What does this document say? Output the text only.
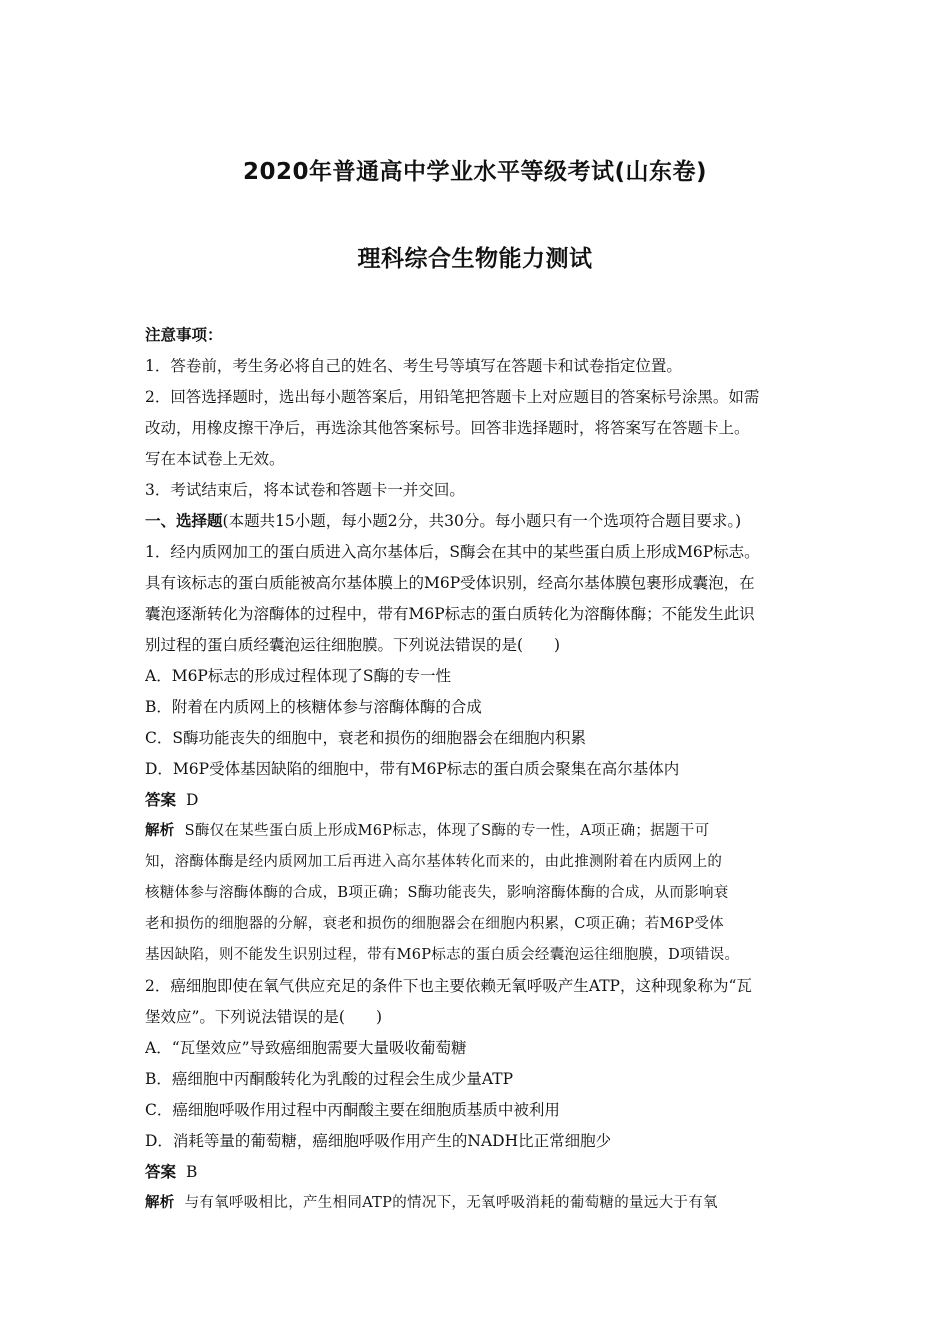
2020年普通高中学业水平等级考试(山东卷)
理科综合生物能力测试
注意事项：
1．答卷前，考生务必将自己的姓名、考生号等填写在答题卡和试卷指定位置。
2．回答选择题时，选出每小题答案后，用铅笔把答题卡上对应题目的答案标号涂黑。如需
改动，用橡皮擦干净后，再选涂其他答案标号。回答非选择题时，将答案写在答题卡上。
写在本试卷上无效。
3．考试结束后，将本试卷和答题卡一并交回。
一、选择题(本题共15小题，每小题2分，共30分。每小题只有一个选项符合题目要求。)
1．经内质网加工的蛋白质进入高尔基体后，S酶会在其中的某些蛋白质上形成M6P标志。
具有该标志的蛋白质能被高尔基体膜上的M6P受体识别，经高尔基体膜包裹形成囊泡，在
囊泡逐渐转化为溶酶体的过程中，带有M6P标志的蛋白质转化为溶酶体酶；不能发生此识
别过程的蛋白质经囊泡运往细胞膜。下列说法错误的是(　　)
A．M6P标志的形成过程体现了S酶的专一性
B．附着在内质网上的核糖体参与溶酶体酶的合成
C．S酶功能丧失的细胞中，衰老和损伤的细胞器会在细胞内积累
D．M6P受体基因缺陷的细胞中，带有M6P标志的蛋白质会聚集在高尔基体内
答案 D
解析 S酶仅在某些蛋白质上形成M6P标志，体现了S酶的专一性，A项正确；据题干可
知，溶酶体酶是经内质网加工后再进入高尔基体转化而来的，由此推测附着在内质网上的
核糖体参与溶酶体酶的合成，B项正确；S酶功能丧失，影响溶酶体酶的合成，从而影响衰
老和损伤的细胞器的分解，衰老和损伤的细胞器会在细胞内积累，C项正确；若M6P受体
基因缺陷，则不能发生识别过程，带有M6P标志的蛋白质会经囊泡运往细胞膜，D项错误。
2．癌细胞即使在氧气供应充足的条件下也主要依赖无氧呼吸产生ATP，这种现象称为“瓦
堡效应”。下列说法错误的是(　　)
A．“瓦堡效应”导致癌细胞需要大量吸收葡萄糖
B．癌细胞中丙酮酸转化为乳酸的过程会生成少量ATP
C．癌细胞呼吸作用过程中丙酮酸主要在细胞质基质中被利用
D．消耗等量的葡萄糖，癌细胞呼吸作用产生的NADH比正常细胞少
答案 B
解析 与有氧呼吸相比，产生相同ATP的情况下，无氧呼吸消耗的葡萄糖的量远大于有氧
